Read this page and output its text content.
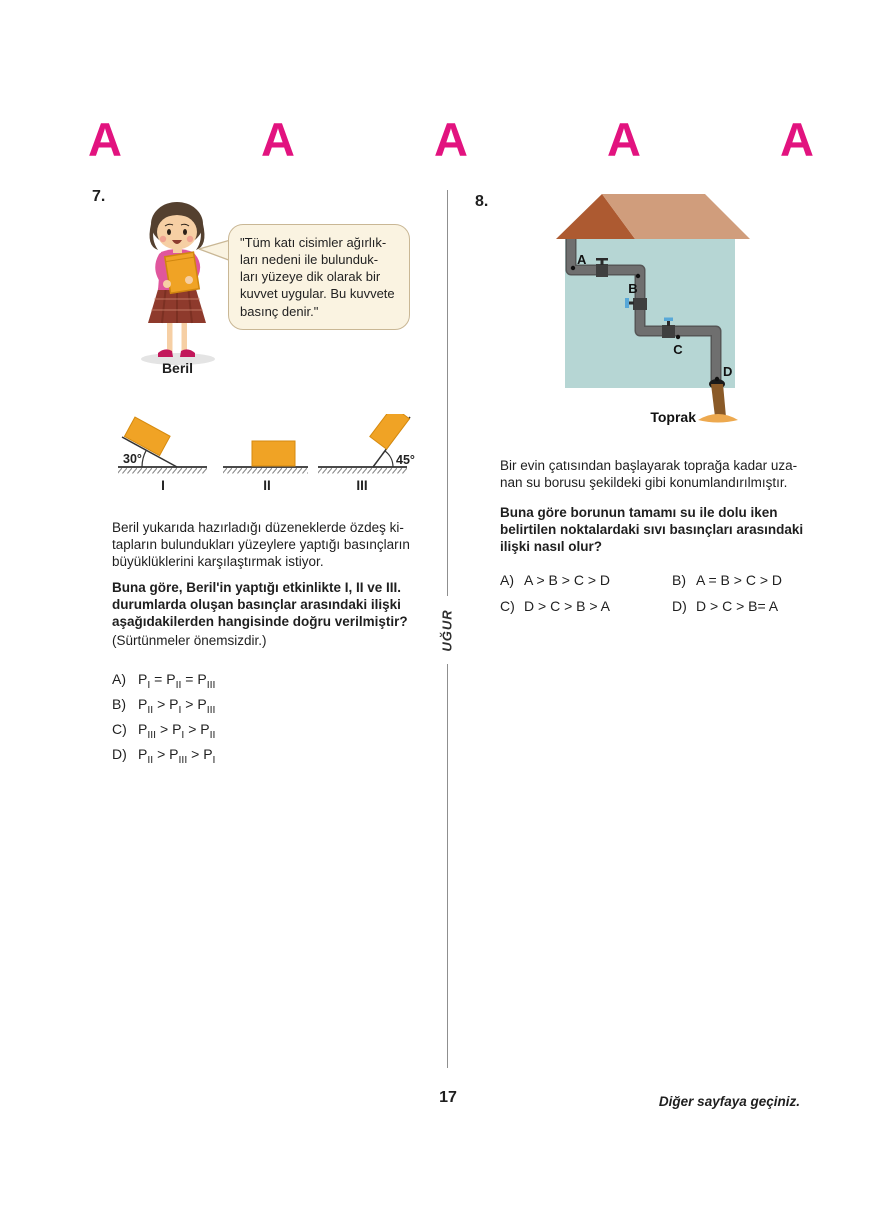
A	A	A	A	A
UĞUR
7.
"Tüm katı cisimler ağırlık-
ları nedeni ile bulunduk-
ları yüzeye dik olarak bir
kuvvet uygular. Bu kuvvete
basınç denir."
Beril
30°
I	II
45°
III
Beril yukarıda hazırladığı düzeneklerde özdeş ki-
tapların bulundukları yüzeylere yaptığı basınçların
büyüklüklerini karşılaştırmak istiyor.
Buna göre, Beril'in yaptığı etkinlikte I, II ve III.
durumlarda oluşan basınçlar arasındaki ilişki
aşağıdakilerden hangisinde doğru verilmiştir?
(Sürtünmeler önemsizdir.)
A) $P_I = P_{II} = P_{III}$
B) $P_{II} > P_I > P_{III}$
C) $P_{III} > P_I > P_{II}$
D) $P_{II} > P_{III} > P_I$
8.
A
B
C
D
Toprak
Bir evin çatısından başlayarak toprağa kadar uza-
nan su borusu şekildeki gibi konumlandırılmıştır.
Buna göre borunun tamamı su ile dolu iken
belirtilen noktalardaki sıvı basınçları arasındaki
ilişki nasıl olur?
A) A > B > C > D	B) A = B > C > D
C) D > C > B > A	D) D > C > B= A
17	Diğer sayfaya geçiniz.
